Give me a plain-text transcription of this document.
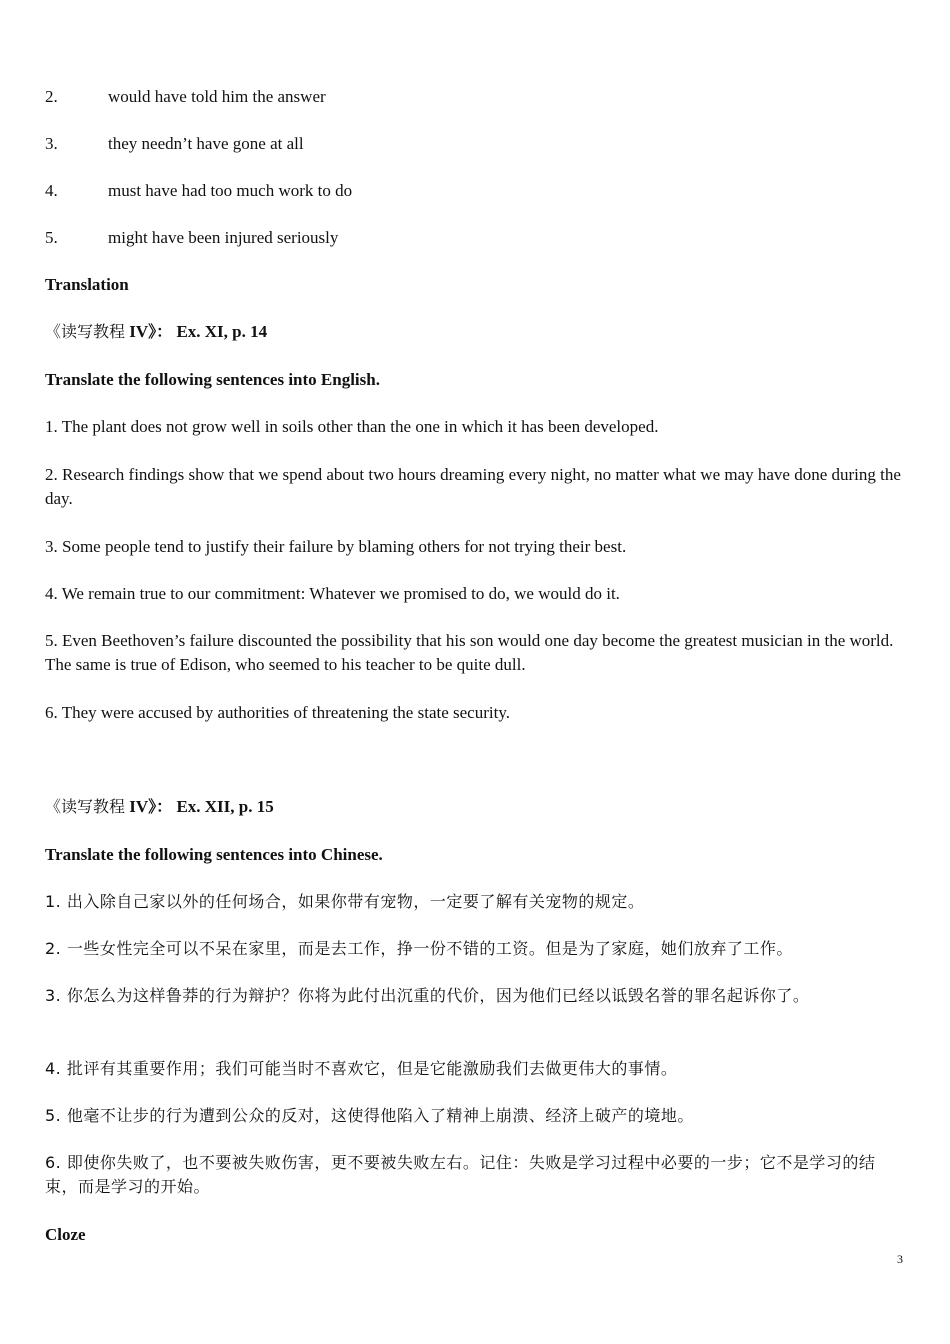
2.	would have told him the answer
3.	they needn’t have gone at all
4.	must have had too much work to do
5.	might have been injured seriously
Translation
《读写教程 IV》： Ex. XI, p. 14
Translate the following sentences into English.
1. The plant does not grow well in soils other than the one in which it has been developed.
2. Research findings show that we spend about two hours dreaming every night, no matter what we may have done during the day.
3. Some people tend to justify their failure by blaming others for not trying their best.
4. We remain true to our commitment: Whatever we promised to do, we would do it.
5. Even Beethoven’s failure discounted the possibility that his son would one day become the greatest musician in the world. The same is true of Edison, who seemed to his teacher to be quite dull.
6. They were accused by authorities of threatening the state security.
《读写教程 IV》： Ex. XII, p. 15
Translate the following sentences into Chinese.
1. 出入除自己家以外的任何场合，如果你带有宠物，一定要了解有关宠物的规定。
2. 一些女性完全可以不呆在家里，而是去工作，挣一份不错的工资。但是为了家庭，她们放弃了工作。
3. 你怎么为这样鲁莽的行为辩护？你将为此付出沉重的代价，因为他们已经以诋毁名誉的罪名起诉你了。
4. 批评有其重要作用；我们可能当时不喜欢它，但是它能激励我们去做更伟大的事情。
5. 他毫不让步的行为遭到公众的反对，这使得他陷入了精神上崩溃、经济上破产的境地。
6. 即使你失败了，也不要被失败伤害，更不要被失败左右。记住：失败是学习过程中必要的一步；它不是学习的结束，而是学习的开始。
Cloze
3
